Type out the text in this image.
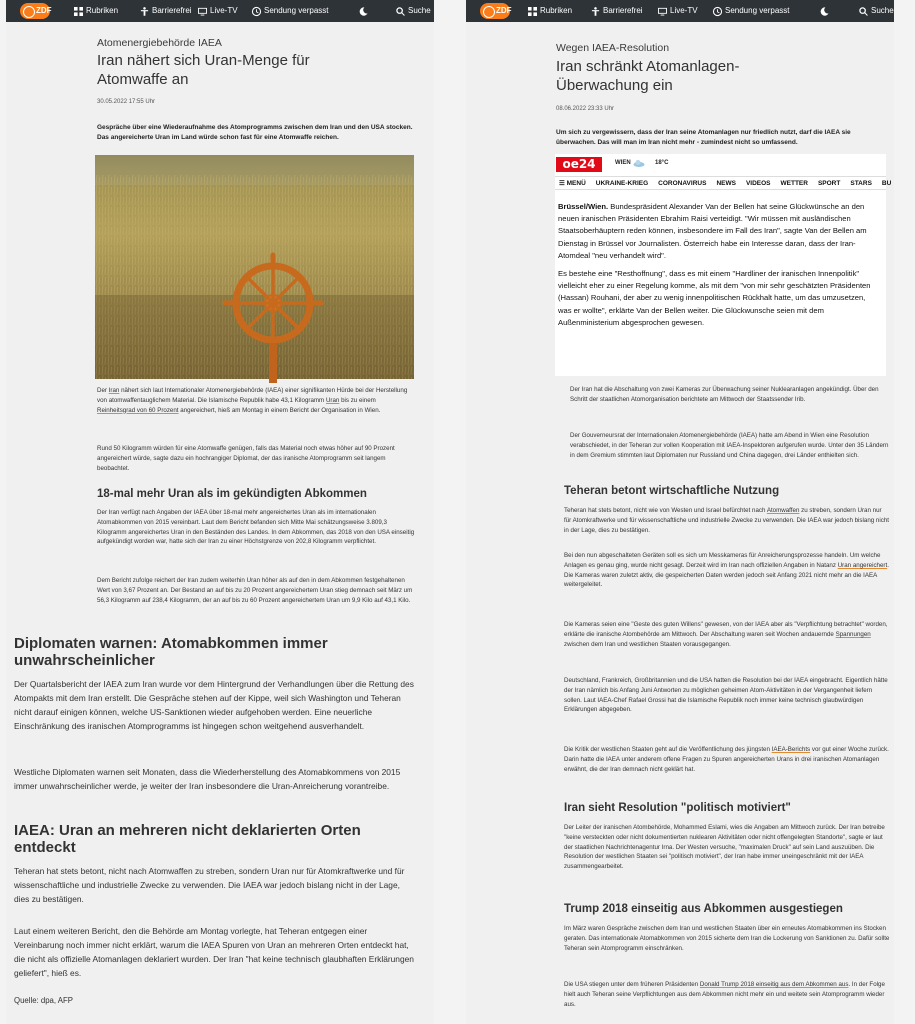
ZDF	Rubriken	Barrierefrei Live-TV	Sendung verpasst	Suche
Atomenergiebehörde IAEA
Iran nähert sich Uran-Menge für Atomwaffe an
30.05.2022 17:55 Uhr
Gespräche über eine Wiederaufnahme des Atomprogramms zwischen dem Iran und den USA stocken. Das angereicherte Uran im Land würde schon fast für eine Atomwaffe reichen.
Der Iran nähert sich laut Internationaler Atomenergiebehörde (IAEA) einer signifikanten Hürde bei der Herstellung von atomwaffentauglichem Material. Die Islamische Republik habe 43,1 Kilogramm Uran bis zu einem Reinheitsgrad von 60 Prozent angereichert, hieß am Montag in einem Bericht der Organisation in Wien.
Rund 50 Kilogramm würden für eine Atomwaffe genügen, falls das Material noch etwas höher auf 90 Prozent angereichert würde, sagte dazu ein hochrangiger Diplomat, der das iranische Atomprogramm seit langem beobachtet.
18-mal mehr Uran als im gekündigten Abkommen
Der Iran verfügt nach Angaben der IAEA über 18-mal mehr angereichertes Uran als im internationalen Atomabkommen von 2015 vereinbart. Laut dem Bericht befanden sich Mitte Mai schätzungsweise 3.809,3 Kilogramm angereichertes Uran in den Beständen des Landes. In dem Abkommen, das 2018 von den USA einseitig aufgekündigt worden war, hatte sich der Iran zu einer Höchstgrenze von 202,8 Kilogramm verpflichtet.
Dem Bericht zufolge reichert der Iran zudem weiterhin Uran höher als auf den in dem Abkommen festgehaltenen Wert von 3,67 Prozent an. Der Bestand an auf bis zu 20 Prozent angereichertem Uran stieg demnach seit März um 56,3 Kilogramm auf 238,4 Kilogramm, der an auf bis zu 60 Prozent angereichertem Uran um 9,9 Kilo auf 43,1 Kilo.
Diplomaten warnen: Atomabkommen immer unwahrscheinlicher
Der Quartalsbericht der IAEA zum Iran wurde vor dem Hintergrund der Verhandlungen über die Rettung des Atompakts mit dem Iran erstellt. Die Gespräche stehen auf der Kippe, weil sich Washington und Teheran nicht darauf einigen können, welche US-Sanktionen wieder aufgehoben werden. Eine neuerliche Einschränkung des iranischen Atomprogramms ist hingegen schon weitgehend ausverhandelt.
Westliche Diplomaten warnen seit Monaten, dass die Wiederherstellung des Atomabkommens von 2015 immer unwahrscheinlicher werde, je weiter der Iran insbesondere die Uran-Anreicherung vorantreibe.
IAEA: Uran an mehreren nicht deklarierten Orten entdeckt
Teheran hat stets betont, nicht nach Atomwaffen zu streben, sondern Uran nur für Atomkraftwerke und für wissenschaftliche und industrielle Zwecke zu verwenden. Die IAEA war jedoch bislang nicht in der Lage, dies zu bestätigen.
Laut einem weiteren Bericht, den die Behörde am Montag vorlegte, hat Teheran entgegen einer Vereinbarung noch immer nicht erklärt, warum die IAEA Spuren von Uran an mehreren Orten entdeckt hat, die nicht als offizielle Atomanlagen deklariert wurden. Der Iran "hat keine technisch glaubhaften Erklärungen geliefert", hieß es.
Quelle: dpa, AFP
ZDF	Rubriken	Barrierefrei	Live-TV	Sendung verpasst	Suche
Wegen IAEA-Resolution
Iran schränkt Atomanlagen-Überwachung ein
08.06.2022 23:33 Uhr
Um sich zu vergewissern, dass der Iran seine Atomanlagen nur friedlich nutzt, darf die IAEA sie überwachen. Das will man im Iran nicht mehr - zumindest nicht so umfassend.
oe24	WIEN	18°C
☰ MENÜ UKRAINE-KRIEG CORONAVIRUS NEWS VIDEOS WETTER SPORT STARS BU

Brüssel/Wien. Bundespräsident Alexander Van der Bellen hat seine Glückwünsche an den neuen iranischen Präsidenten Ebrahim Raisi verteidigt. "Wir müssen mit ausländischen Staatsoberhäuptern reden können, insbesondere im Fall des Iran", sagte Van der Bellen am Dienstag in Brüssel vor Journalisten. Österreich habe ein Interesse daran, dass der Iran-Atomdeal "neu verhandelt wird".

Es bestehe eine "Resthoffnung", dass es mit einem "Hardliner der iranischen Innenpolitik" vielleicht eher zu einer Regelung komme, als mit dem "von mir sehr geschätzten Präsidenten (Hassan) Rouhani, der aber zu wenig innenpolitischen Rückhalt hatte, um das umzusetzen, was er wollte", erklärte Van der Bellen weiter. Die Glückwunsche seien mit dem Außenministerium abgesprochen gewesen.

Der Iran hat die Abschaltung von zwei Kameras zur Überwachung seiner Nuklearanlagen angekündigt. Über den Schritt der staatlichen Atomorganisation berichtete am Mittwoch der Staatssender Irib.
Der Gouverneursrat der Internationalen Atomenergiebehörde (IAEA) hatte am Abend in Wien eine Resolution verabschiedet, in der Teheran zur vollen Kooperation mit IAEA-Inspektoren aufgerufen wurde. Unter den 35 Ländern in dem Gremium stimmten laut Diplomaten nur Russland und China dagegen, drei Länder enthielten sich.
Teheran betont wirtschaftliche Nutzung
Teheran hat stets betont, nicht wie von Westen und Israel befürchtet nach Atomwaffen zu streben, sondern Uran nur für Atomkraftwerke und für wissenschaftliche und industrielle Zwecke zu verwenden. Die IAEA war jedoch bislang nicht in der Lage, dies zu bestätigen.
Bei den nun abgeschalteten Geräten soll es sich um Messkameras für Anreicherungsprozesse handeln. Um welche Anlagen es genau ging, wurde nicht gesagt. Derzeit wird im Iran nach offiziellen Angaben in Natanz Uran angereichert. Die Kameras waren zuletzt aktiv, die gespeicherten Daten werden jedoch seit Anfang 2021 nicht mehr an die IAEA weitergeleitet.
Die Kameras seien eine "Geste des guten Willens" gewesen, von der IAEA aber als "Verpflichtung betrachtet" worden, erklärte die iranische Atombehörde am Mittwoch. Der Abschaltung waren seit Wochen andauernde Spannungen zwischen dem Iran und westlichen Staaten vorausgegangen.
Deutschland, Frankreich, Großbritannien und die USA hatten die Resolution bei der IAEA eingebracht. Eigentlich hätte der Iran nämlich bis Anfang Juni Antworten zu möglichen geheimen Atom-Aktivitäten in der Vergangenheit liefern sollen. Laut IAEA-Chef Rafael Grossi hat die Islamische Republik noch immer keine technisch glaubwürdigen Erklärungen abgegeben.
Die Kritik der westlichen Staaten geht auf die Veröffentlichung des jüngsten IAEA-Berichts vor gut einer Woche zurück. Darin hatte die IAEA unter anderem offene Fragen zu Spuren angereicherten Urans in drei iranischen Atomanlagen erwähnt, die der Iran demnach nicht geklärt hat.
Iran sieht Resolution "politisch motiviert"
Der Leiter der iranischen Atombehörde, Mohammed Eslami, wies die Angaben am Mittwoch zurück. Der Iran betreibe "keine versteckten oder nicht dokumentierten nuklearen Aktivitäten oder nicht offengelegten Standorte", sagte er laut der staatlichen Nachrichtenagentur Irna. Der Westen versuche, "maximalen Druck" auf sein Land auszuüben. Die Resolution der westlichen Staaten sei "politisch motiviert", der Iran habe immer uneingeschränkt mit der IAEA zusammengearbeitet.
Trump 2018 einseitig aus Abkommen ausgestiegen
Im März waren Gespräche zwischen dem Iran und westlichen Staaten über ein erneutes Atomabkommen ins Stocken geraten. Das internationale Atomabkommen von 2015 sicherte dem Iran die Lockerung von Sanktionen zu. Dafür sollte Teheran sein Atomprogramm einschränken.
Die USA stiegen unter dem früheren Präsidenten Donald Trump 2018 einseitig aus dem Abkommen aus. In der Folge hielt auch Teheran seine Verpflichtungen aus dem Abkommen nicht mehr ein und weitete sein Atomprogramm wieder aus.
